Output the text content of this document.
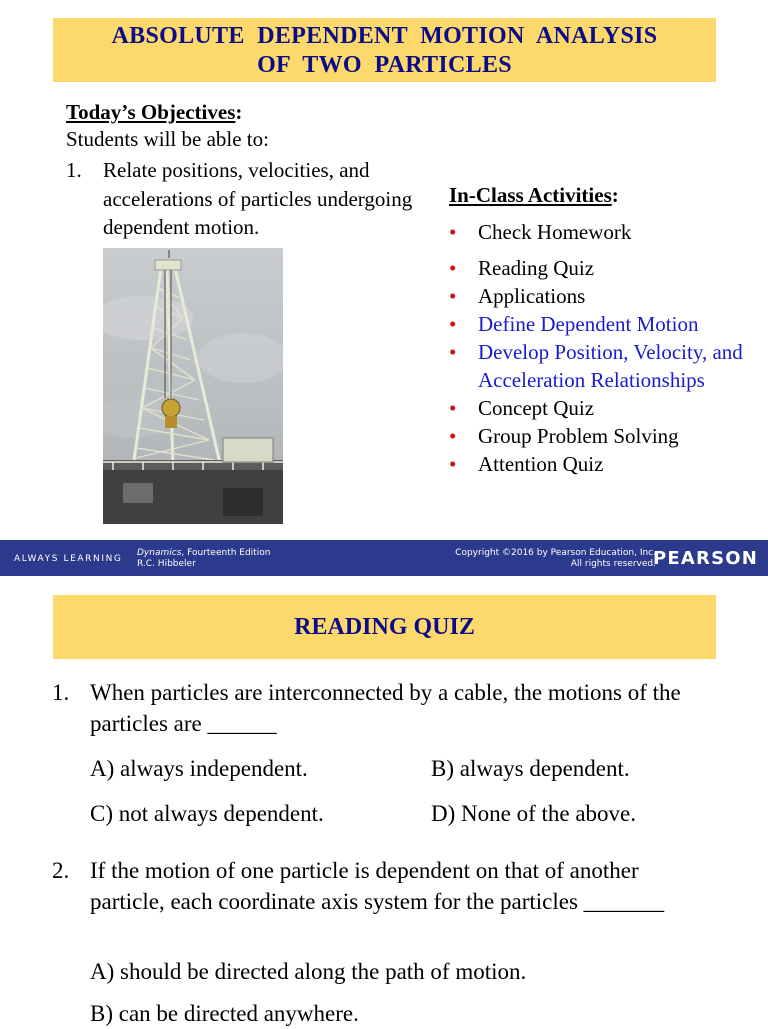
ABSOLUTE  DEPENDENT  MOTION  ANALYSIS
OF  TWO  PARTICLES
Today’s Objectives:
Students will be able to:
1. Relate positions, velocities, and accelerations of particles undergoing dependent motion.
In-Class Activities:
• Check Homework
• Reading Quiz
• Applications
• Define Dependent Motion
• Develop Position, Velocity, and Acceleration Relationships
• Concept Quiz
• Group Problem Solving
• Attention Quiz
ALWAYS LEARNING
Dynamics, Fourteenth Edition
R.C. Hibbeler
Copyright ©2016 by Pearson Education, Inc.
All rights reserved.
PEARSON
READING QUIZ
1. When particles are interconnected by a cable, the motions of the particles are ______
A) always independent.	B) always dependent.
C) not always dependent.	D) None of the above.
2. If the motion of one particle is dependent on that of another particle, each coordinate axis system for the particles _______
A) should be directed along the path of motion.
B) can be directed anywhere.
